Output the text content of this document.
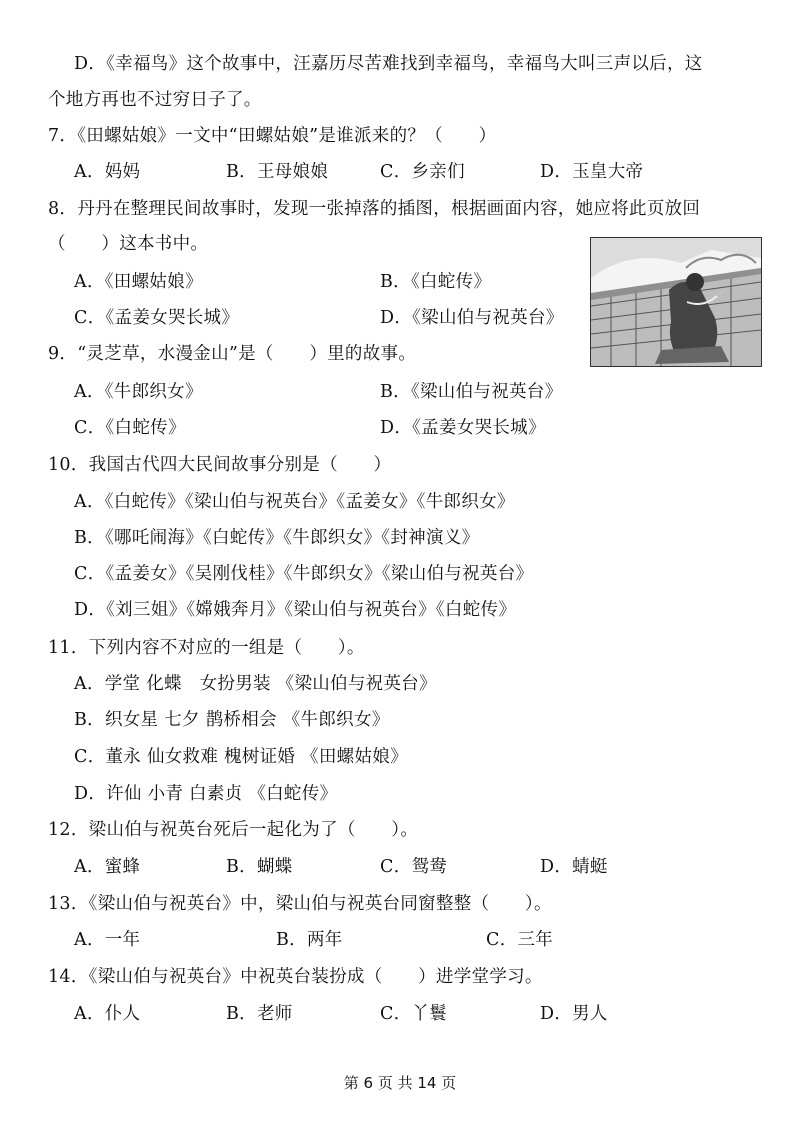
D．《幸福鸟》这个故事中，汪嘉历尽苦难找到幸福鸟，幸福鸟大叫三声以后，这
个地方再也不过穷日子了。
7．《田螺姑娘》一文中“田螺姑娘”是谁派来的？（　　）
A．妈妈	B．王母娘娘	C．乡亲们	D．玉皇大帝
8．丹丹在整理民间故事时，发现一张掉落的插图，根据画面内容，她应将此页放回
（　　）这本书中。
A．《田螺姑娘》	B．《白蛇传》
C．《孟姜女哭长城》	D．《梁山伯与祝英台》
9．“灵芝草，水漫金山”是（　　）里的故事。
A．《牛郎织女》	B．《梁山伯与祝英台》
C．《白蛇传》	D．《孟姜女哭长城》
10．我国古代四大民间故事分别是（　　）
A．《白蛇传》《梁山伯与祝英台》《孟姜女》《牛郎织女》
B．《哪吒闹海》《白蛇传》《牛郎织女》《封神演义》
C．《孟姜女》《吴刚伐桂》《牛郎织女》《梁山伯与祝英台》
D．《刘三姐》《嫦娥奔月》《梁山伯与祝英台》《白蛇传》
11．下列内容不对应的一组是（　　）。
A．学堂 化蝶　女扮男装 《梁山伯与祝英台》
B．织女星 七夕 鹊桥相会 《牛郎织女》
C．董永 仙女救难 槐树证婚 《田螺姑娘》
D．许仙 小青 白素贞 《白蛇传》
12．梁山伯与祝英台死后一起化为了（　　）。
A．蜜蜂	B．蝴蝶	C．鸳鸯	D．蜻蜓
13．《梁山伯与祝英台》中，梁山伯与祝英台同窗整整（　　）。
A．一年	B．两年	C．三年
14．《梁山伯与祝英台》中祝英台装扮成（　　）进学堂学习。
A．仆人	B．老师	C．丫鬟	D．男人
第 6 页 共 14 页
